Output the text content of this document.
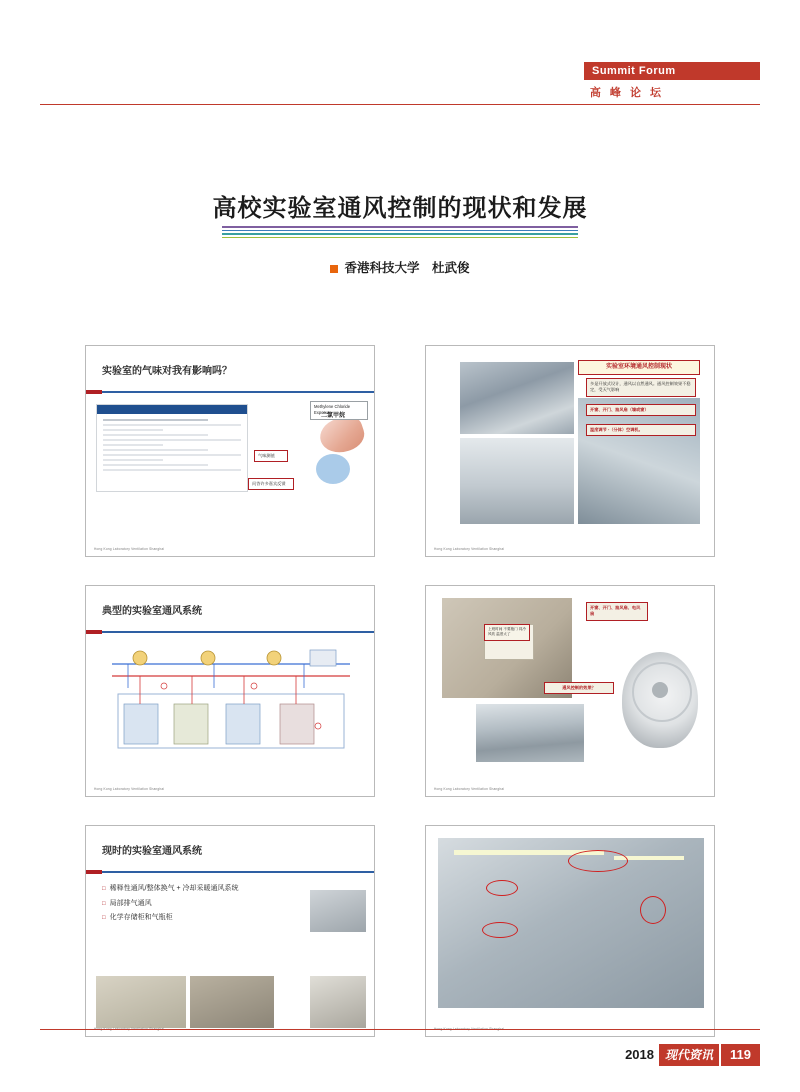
Summit Forum
高 峰 论 坛
高校实验室通风控制的现状和发展
香港科技大学　杜武俊
实验室的气味对我有影响吗？
气味测值
问答许多嘉宾反馈
Methylene Chloride Exposure
二氯甲烷
Hong Kong Laboratory Ventilation Shanghai
实验室环境通风控制现状
多是开放式设计，通风以自然通风。通风控制效果不稳定，受天气影响
开窗、开门、抽风扇（墙或窗）
温度调节 -（分体）空调机。
Hong Kong Laboratory Ventilation Shanghai
典型的实验室通风系统
Hong Kong Laboratory Ventilation Shanghai
上班时间 不要施门 同冷风吹 温度太了
开窗、开门、抽风扇、电风扇
通风控制的效果？
Hong Kong Laboratory Ventilation Shanghai
现时的实验室通风系统
□ 稀释性通风/整体换气 + 冷却采暖通风系统
□ 局部排气通风
□ 化学存储柜和气瓶柜
2018 现代资讯	119
